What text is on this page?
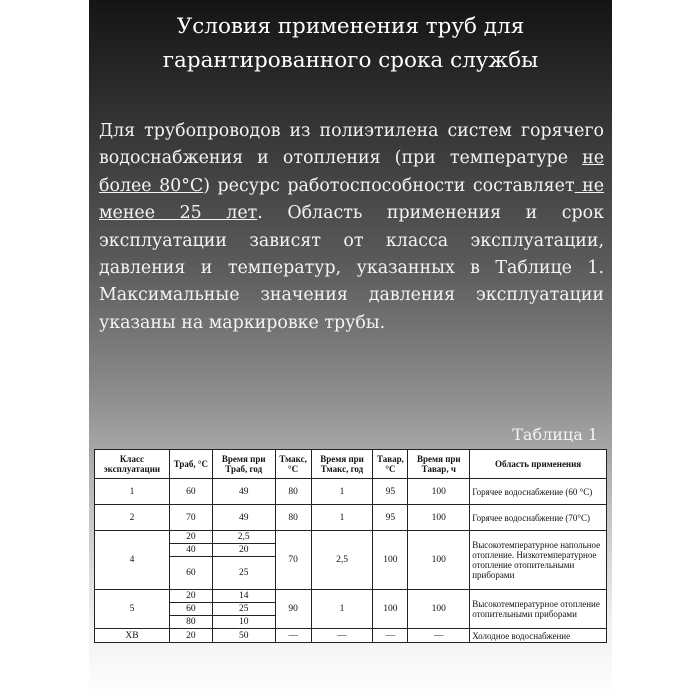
Условия применения труб для
гарантированного срока службы
Для трубопроводов из полиэтилена систем горячего водоснабжения и отопления (при температуре не более 80°C) ресурс работоспособности составляет не менее 25 лет. Область применения и срок эксплуатации зависят от класса эксплуатации, давления и температур, указанных в Таблице 1. Максимальные значения давления эксплуатации указаны на маркировке трубы.
Таблица 1
Класс эксплуатации	Траб, °С	Время при Траб, год	Тмакс, °С	Время при Тмакс, год	Тавар, °С	Время при Тавар, ч	Область применения
1	60	49	80	1	95	100	Горячее водоснабжение (60 °С)
2	70	49	80	1	95	100	Горячее водоснабжение (70°С)
4	20	2,5	70	2,5	100	100	Высокотемпературное напольное отопление. Низкотемпературное отопление отопительными приборами
	40	20					
	60	25					
5	20	14	90	1	100	100	Высокотемпературное отопление отопительными приборами
	60	25					
	80	10					
ХВ	20	50	—	—	—	—	Холодное водоснабжение
